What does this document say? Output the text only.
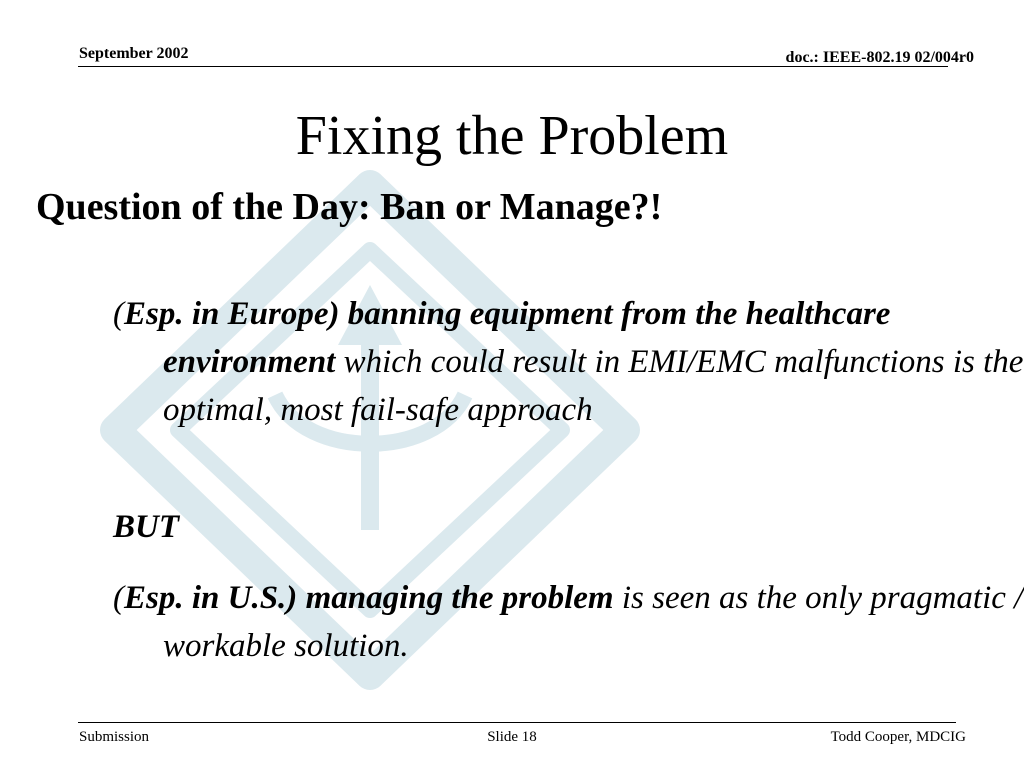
September 2002	doc.: IEEE-802.19 02/004r0
Fixing the Problem
Question of the Day: Ban or Manage?!
(Esp. in Europe) banning equipment from the healthcare environment which could result in EMI/EMC malfunctions is the optimal, most fail-safe approach
BUT
(Esp. in U.S.) managing the problem is seen as the only pragmatic / workable solution.
Submission	Slide 18	Todd Cooper, MDCIG
